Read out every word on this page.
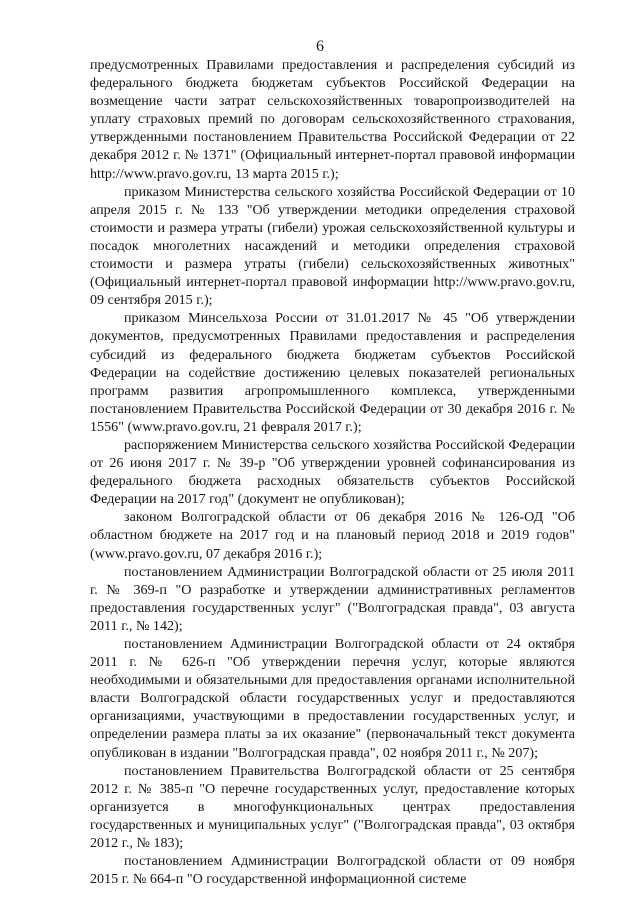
6

предусмотренных Правилами предоставления и распределения субсидий из федерального бюджета бюджетам субъектов Российской Федерации на возмещение части затрат сельскохозяйственных товаропроизводителей на уплату страховых премий по договорам сельскохозяйственного страхования, утвержденными постановлением Правительства Российской Федерации от 22 декабря 2012 г. № 1371" (Официальный интернет-портал правовой информации http://www.pravo.gov.ru, 13 марта 2015 г.);

приказом Министерства сельского хозяйства Российской Федерации от 10 апреля 2015 г. № 133 "Об утверждении методики определения страховой стоимости и размера утраты (гибели) урожая сельскохозяйственной культуры и посадок многолетних насаждений и методики определения страховой стоимости и размера утраты (гибели) сельскохозяйственных животных" (Официальный интернет-портал правовой информации http://www.pravo.gov.ru, 09 сентября 2015 г.);

приказом Минсельхоза России от 31.01.2017 № 45 "Об утверждении документов, предусмотренных Правилами предоставления и распределения субсидий из федерального бюджета бюджетам субъектов Российской Федерации на содействие достижению целевых показателей региональных программ развития агропромышленного комплекса, утвержденными постановлением Правительства Российской Федерации от 30 декабря 2016 г. № 1556" (www.pravo.gov.ru, 21 февраля 2017 г.);

распоряжением Министерства сельского хозяйства Российской Федерации от 26 июня 2017 г. № 39-р "Об утверждении уровней софинансирования из федерального бюджета расходных обязательств субъектов Российской Федерации на 2017 год" (документ не опубликован);

законом Волгоградской области от 06 декабря 2016 № 126-ОД "Об областном бюджете на 2017 год и на плановый период 2018 и 2019 годов" (www.pravo.gov.ru, 07 декабря 2016 г.);

постановлением Администрации Волгоградской области от 25 июля 2011 г. № 369-п "О разработке и утверждении административных регламентов предоставления государственных услуг" ("Волгоградская правда", 03 августа 2011 г., № 142);

постановлением Администрации Волгоградской области от 24 октября 2011 г. № 626-п "Об утверждении перечня услуг, которые являются необходимыми и обязательными для предоставления органами исполнительной власти Волгоградской области государственных услуг и предоставляются организациями, участвующими в предоставлении государственных услуг, и определении размера платы за их оказание" (первоначальный текст документа опубликован в издании "Волгоградская правда", 02 ноября 2011 г., № 207);

постановлением Правительства Волгоградской области от 25 сентября 2012 г. № 385-п "О перечне государственных услуг, предоставление которых организуется в многофункциональных центрах предоставления государственных и муниципальных услуг" ("Волгоградская правда", 03 октября 2012 г., № 183);

постановлением Администрации Волгоградской области от 09 ноября 2015 г. № 664-п "О государственной информационной системе
